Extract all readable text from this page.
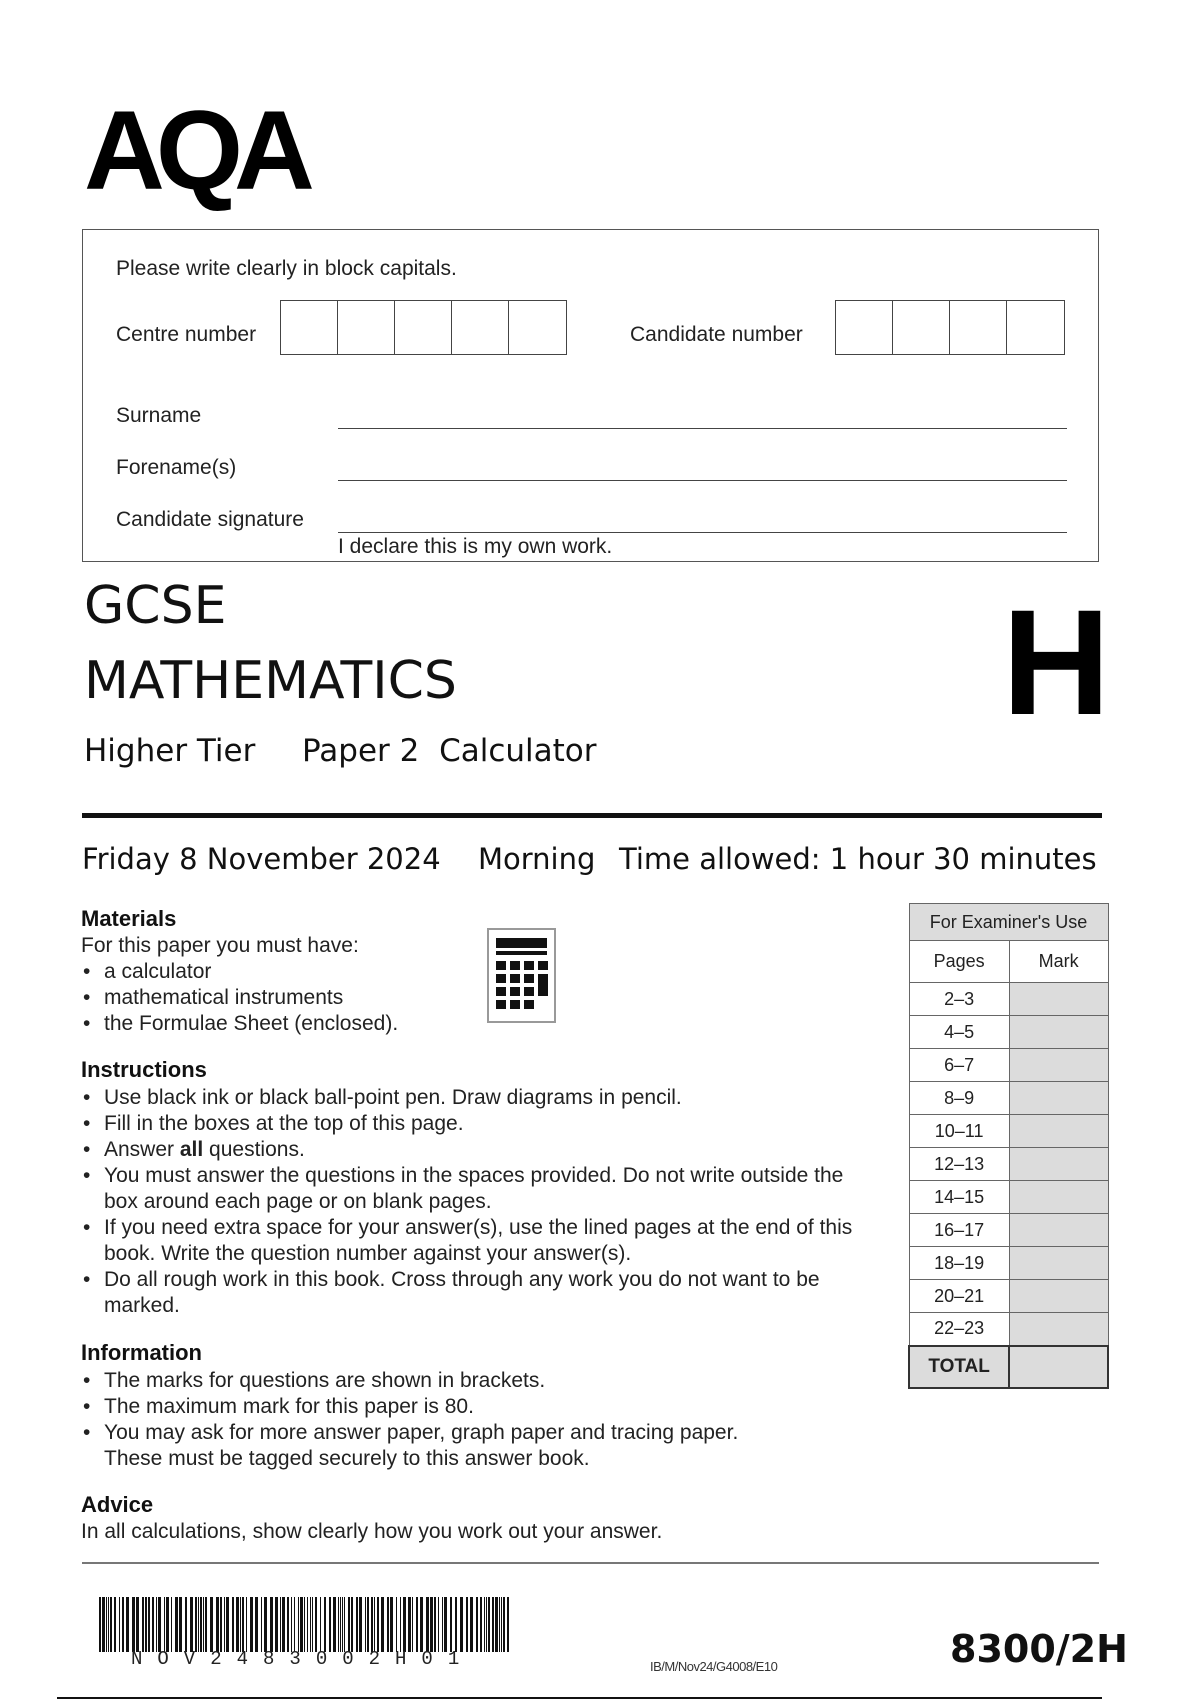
AQA
Please write clearly in block capitals.
Centre number	Candidate number
Surname
Forename(s)
Candidate signature
I declare this is my own work.
GCSE
MATHEMATICS
Higher Tier Paper 2  Calculator
H
Friday 8 November 2024 Morning Time allowed: 1 hour 30 minutes
Materials
For this paper you must have:
• a calculator
• mathematical instruments
• the Formulae Sheet (enclosed).
Instructions
• Use black ink or black ball-point pen. Draw diagrams in pencil.
• Fill in the boxes at the top of this page.
• Answer all questions.
• You must answer the questions in the spaces provided. Do not write outside the box around each page or on blank pages.
• If you need extra space for your answer(s), use the lined pages at the end of this book. Write the question number against your answer(s).
• Do all rough work in this book. Cross through any work you do not want to be marked.
Information
• The marks for questions are shown in brackets.
• The maximum mark for this paper is 80.
• You may ask for more answer paper, graph paper and tracing paper. These must be tagged securely to this answer book.
Advice
In all calculations, show clearly how you work out your answer.
For Examiner's Use	
Pages	Mark
2–3	
4–5	
6–7	
8–9	
10–11	
12–13	
14–15	
16–17	
18–19	
20–21	
22–23	
TOTAL	
NOV2483002H01	IB/M/Nov24/G4008/E10	8300/2H
